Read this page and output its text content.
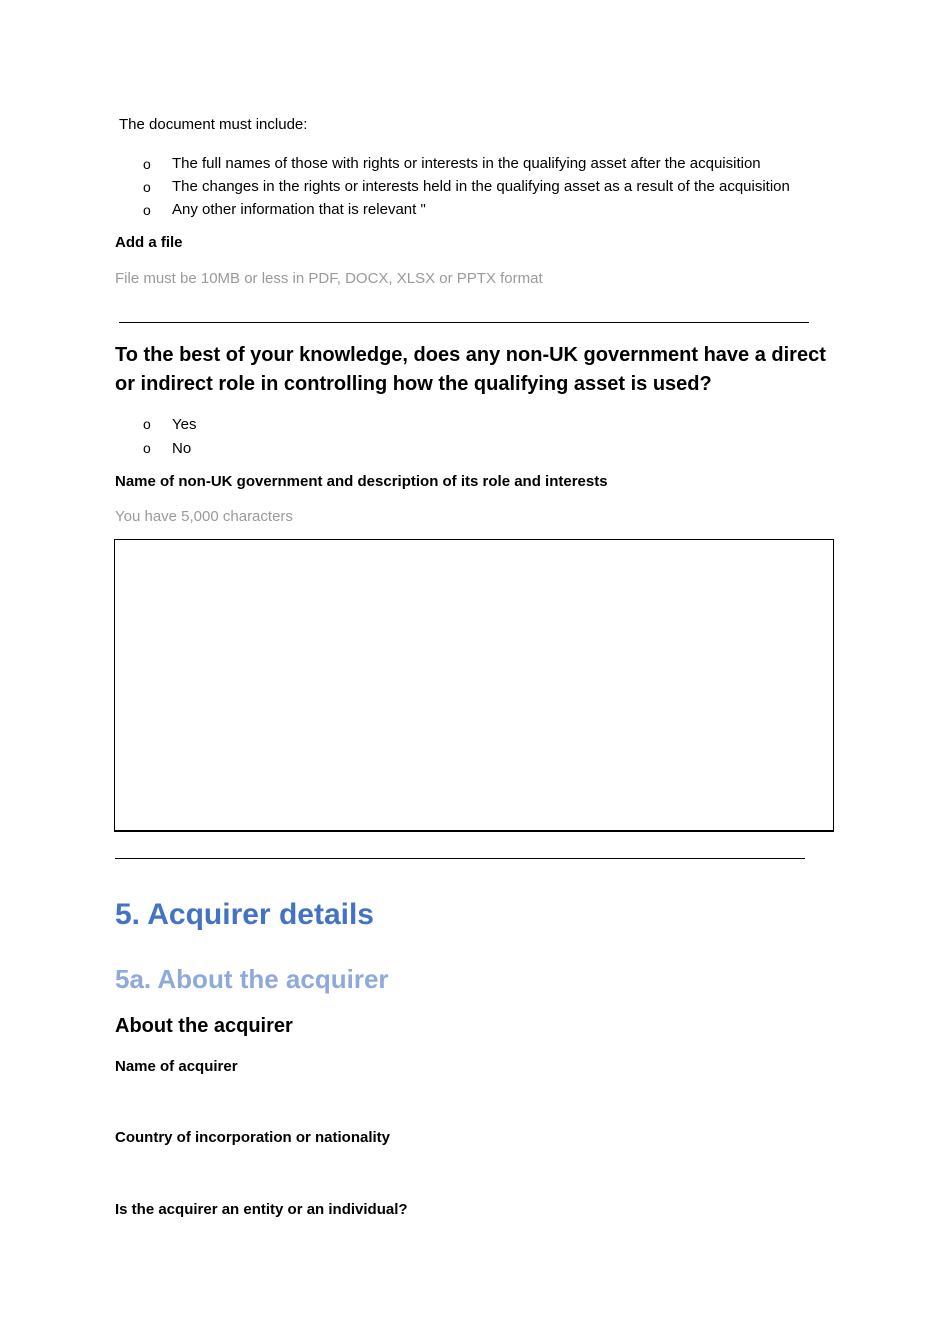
The document must include:
o	The full names of those with rights or interests in the qualifying asset after the acquisition
o	The changes in the rights or interests held in the qualifying asset as a result of the acquisition
o	Any other information that is relevant "
Add a file
File must be 10MB or less in PDF, DOCX, XLSX or PPTX format
To the best of your knowledge, does any non-UK government have a direct or indirect role in controlling how the qualifying asset is used?
o	Yes
o	No
Name of non-UK government and description of its role and interests
You have 5,000 characters
5. Acquirer details
5a. About the acquirer
About the acquirer
Name of acquirer
Country of incorporation or nationality
Is the acquirer an entity or an individual?
